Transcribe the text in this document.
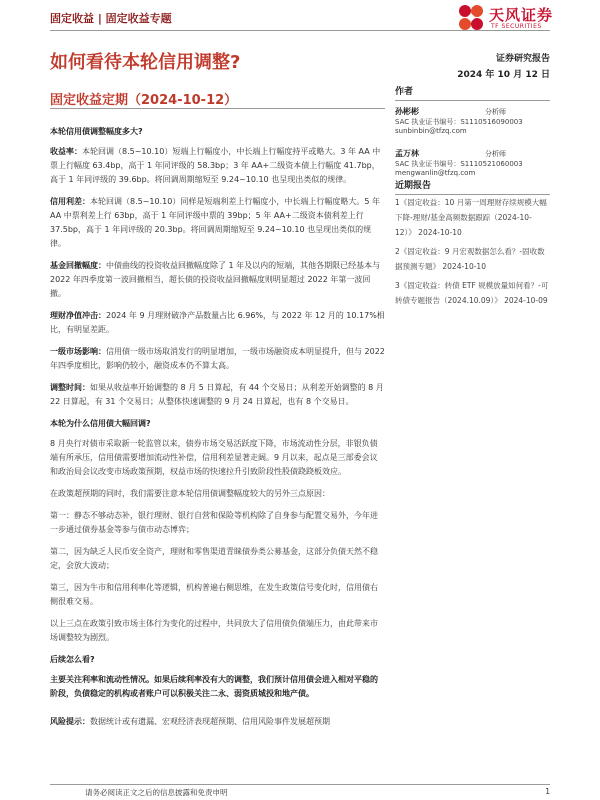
固定收益 | 固定收益专题	天风证券
TF SECURITIES
如何看待本轮信用调整?	证券研究报告
2024 年 10 月 12 日
固定收益定期（2024-10-12）
作者
孙彬彬	分析师
SAC 执业证书编号：S1110516090003
sunbinbin@tfzq.com
孟万林	分析师
SAC 执业证书编号：S1110521060003
mengwanlin@tfzq.com
近期报告
1《固定收益：10 月第一周理财存续规模大幅下降-理财/基金高频数据跟踪（2024-10-12）》 2024-10-10
2《固定收益：9 月宏观数据怎么看？-固收数据预测专题》 2024-10-10
3《固定收益：转债 ETF 规模放量如何看？-可转债专题报告（2024.10.09）》 2024-10-09

本轮信用债调整幅度多大?

收益率：本轮回调（8.5~10.10）短端上行幅度小，中长端上行幅度持平或略大。3 年 AA 中票上行幅度 63.4bp，高于 1 年同评级的 58.3bp；3 年 AA+二级资本债上行幅度 41.7bp，高于 1 年同评级的 39.6bp。将回调周期缩短至 9.24~10.10 也呈现出类似的规律。

信用利差：本轮回调（8.5~10.10）同样是短端利差上行幅度小，中长端上行幅度略大。5 年 AA 中票利差上行 63bp，高于 1 年同评级中票的 39bp；5 年 AA+二级资本债利差上行 37.5bp，高于 1 年同评级的 20.3bp。将回调周期缩短至 9.24~10.10 也呈现出类似的规律。

基金回撤幅度：中债曲线的投资收益回撤幅度除了 1 年及以内的短端，其他各期限已经基本与 2022 年四季度第一波回撤相当，超长债的投资收益回撤幅度则明显超过 2022 年第一波回撤。

理财净值冲击：2024 年 9 月理财破净产品数量占比 6.96%，与 2022 年 12 月的 10.17%相比，有明显差距。

一级市场影响：信用债一级市场取消发行的明显增加，一级市场融资成本明显提升，但与 2022 年四季度相比，影响仍较小，融资成本仍不算太高。

调整时间：如果从收益率开始调整的 8 月 5 日算起，有 44 个交易日；从利差开始调整的 8 月 22 日算起，有 31 个交易日；从整体快速调整的 9 月 24 日算起，也有 8 个交易日。

本轮为什么信用债大幅回调?

8 月央行对债市采取新一轮监管以来，债券市场交易活跃度下降，市场流动性分层，非银负债端有所承压，信用债需要增加流动性补偿，信用利差显著走阔。9 月以来，起点是三部委会议和政治局会议改变市场政策预期，权益市场的快速拉升引致阶段性股债跷跷板效应。

在政策超预期的同时，我们需要注意本轮信用债调整幅度较大的另外三点原因：

第一：静态不够动态补，银行理财、银行自营和保险等机构除了自身参与配置交易外，今年进一步通过债券基金等参与债市动态博弈；

第二，因为缺乏人民币安全资产，理财和零售渠道青睐债券类公募基金，这部分负债天然不稳定，会放大波动；

第三，因为牛市和信用利率化等逻辑，机构普遍右侧思维，在发生政策信号变化时，信用债右侧很难交易。

以上三点在政策引致市场主体行为变化的过程中，共同放大了信用债负债端压力，由此带来市场调整较为剧烈。

后续怎么看?

主要关注利率和流动性情况。如果后续利率没有大的调整，我们预计信用债会进入相对平稳的阶段，负债稳定的机构或者账户可以积极关注二永、弱资质城投和地产债。

风险提示：数据统计或有遗漏、宏观经济表现超预期、信用风险事件发展超预期

请务必阅读正文之后的信息披露和免责申明	1
